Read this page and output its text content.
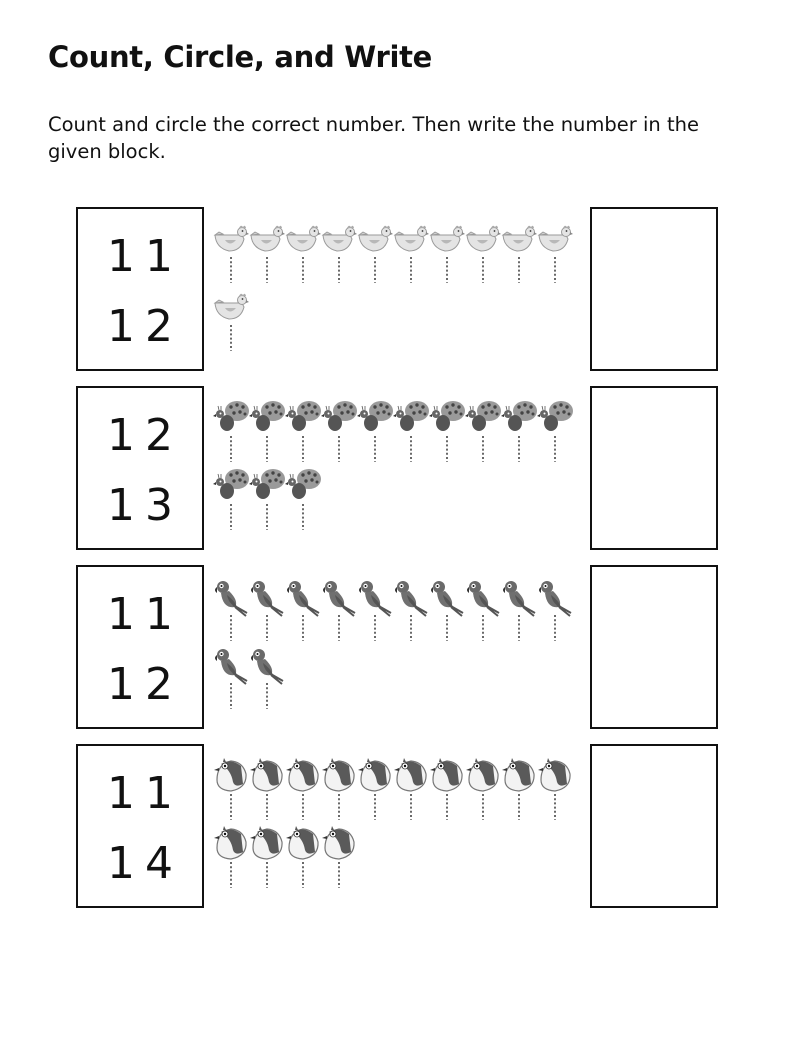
Count, Circle, and Write

Count and circle the correct number. Then write the number in the given block.

11
12
12
13
11
12
11
14
